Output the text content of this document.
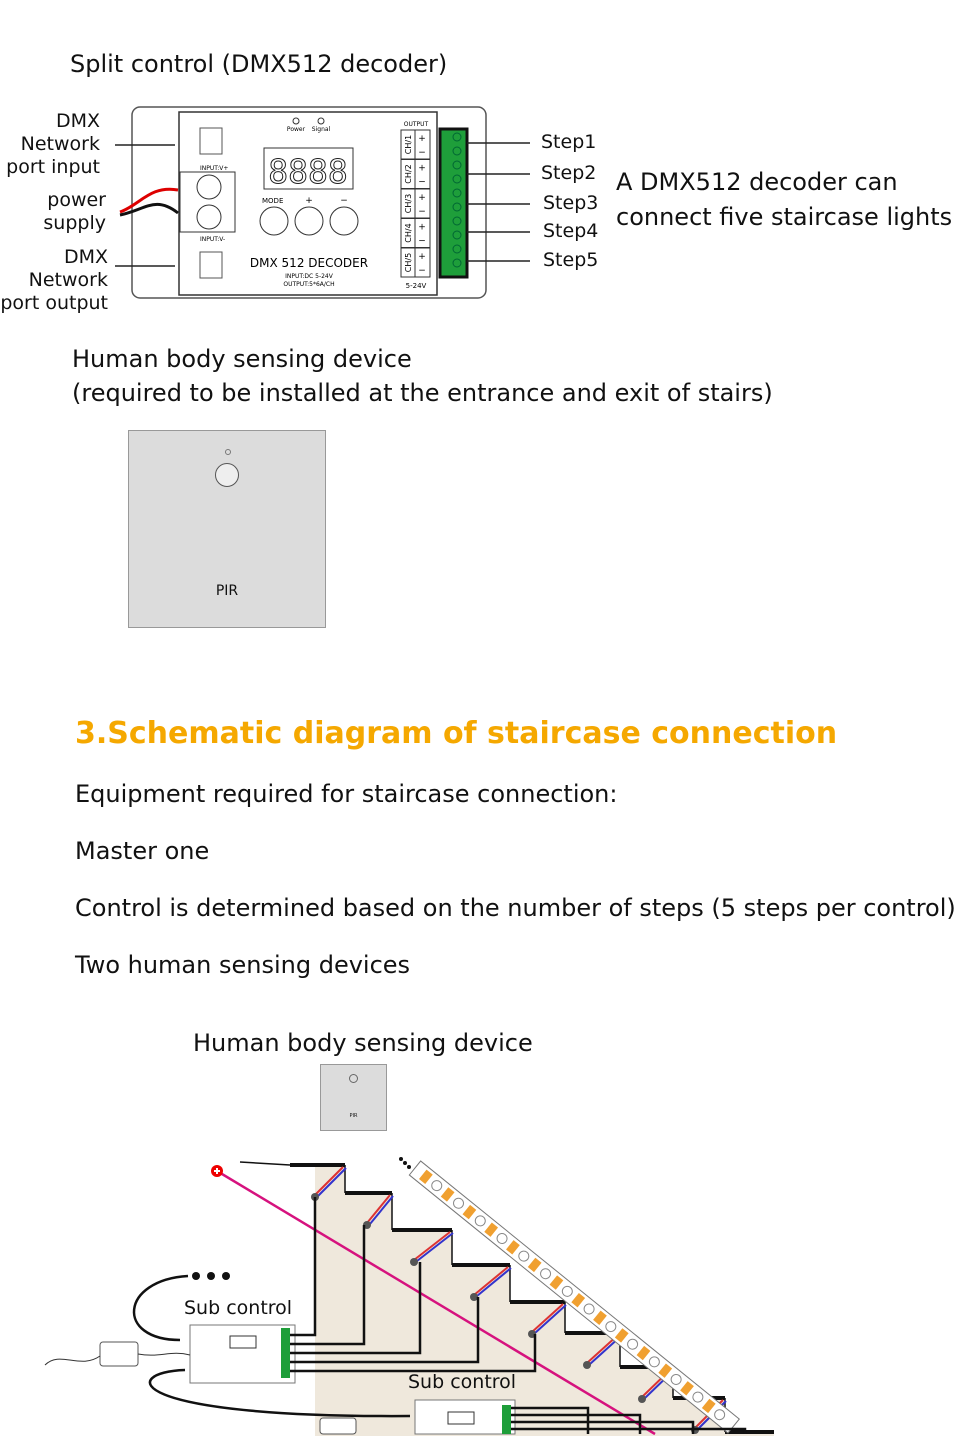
Split control (DMX512 decoder)
DMX
Network
port input
power
supply
DMX
Network
port output
8888
Power Signal
INPUT:V+
INPUT:V-
MODE +	−
DMX 512 DECODER
INPUT:DC 5-24V
OUTPUT:5*6A/CH
OUTPUT
5-24V
CH/1 +
−
CH/2 +
−
CH/3 +
−
CH/4 +
−
CH/5 +
−
Step1
Step2
Step3
Step4
Step5
A DMX512 decoder can
connect five staircase lights
Human body sensing device
(required to be installed at the entrance and exit of stairs)
PIR
3.Schematic diagram of staircase connection
Equipment required for staircase connection:
Master one
Control is determined based on the number of steps (5 steps per control)
Two human sensing devices
Human body sensing device
PIR
Sub control
Sub control
